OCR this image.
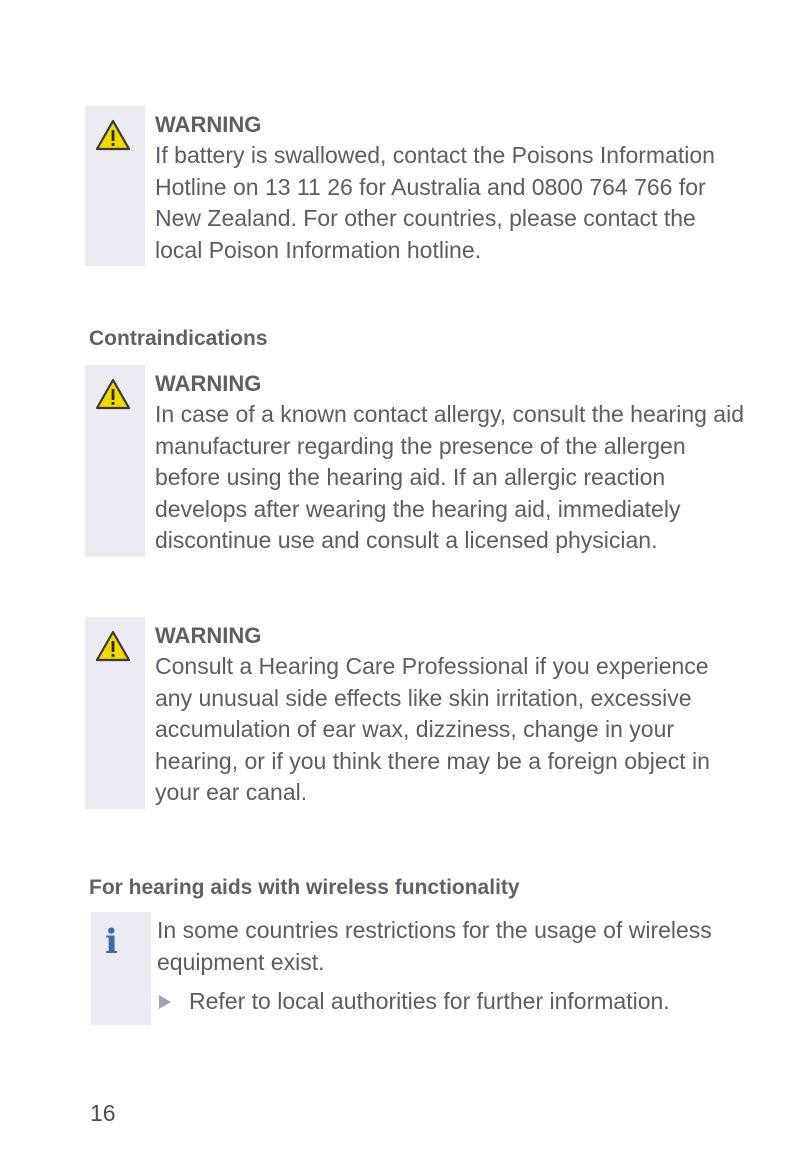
WARNING
If battery is swallowed, contact the Poisons Information Hotline on 13 11 26 for Australia and 0800 764 766 for New Zealand. For other countries, please contact the local Poison Information hotline.
Contraindications
WARNING
In case of a known contact allergy, consult the hearing aid manufacturer regarding the presence of the allergen before using the hearing aid. If an allergic reaction develops after wearing the hearing aid, immediately discontinue use and consult a licensed physician.
WARNING
Consult a Hearing Care Professional if you experience any unusual side effects like skin irritation, excessive accumulation of ear wax, dizziness, change in your hearing, or if you think there may be a foreign object in your ear canal.
For hearing aids with wireless functionality
i In some countries restrictions for the usage of wireless equipment exist.
Refer to local authorities for further information.
16
